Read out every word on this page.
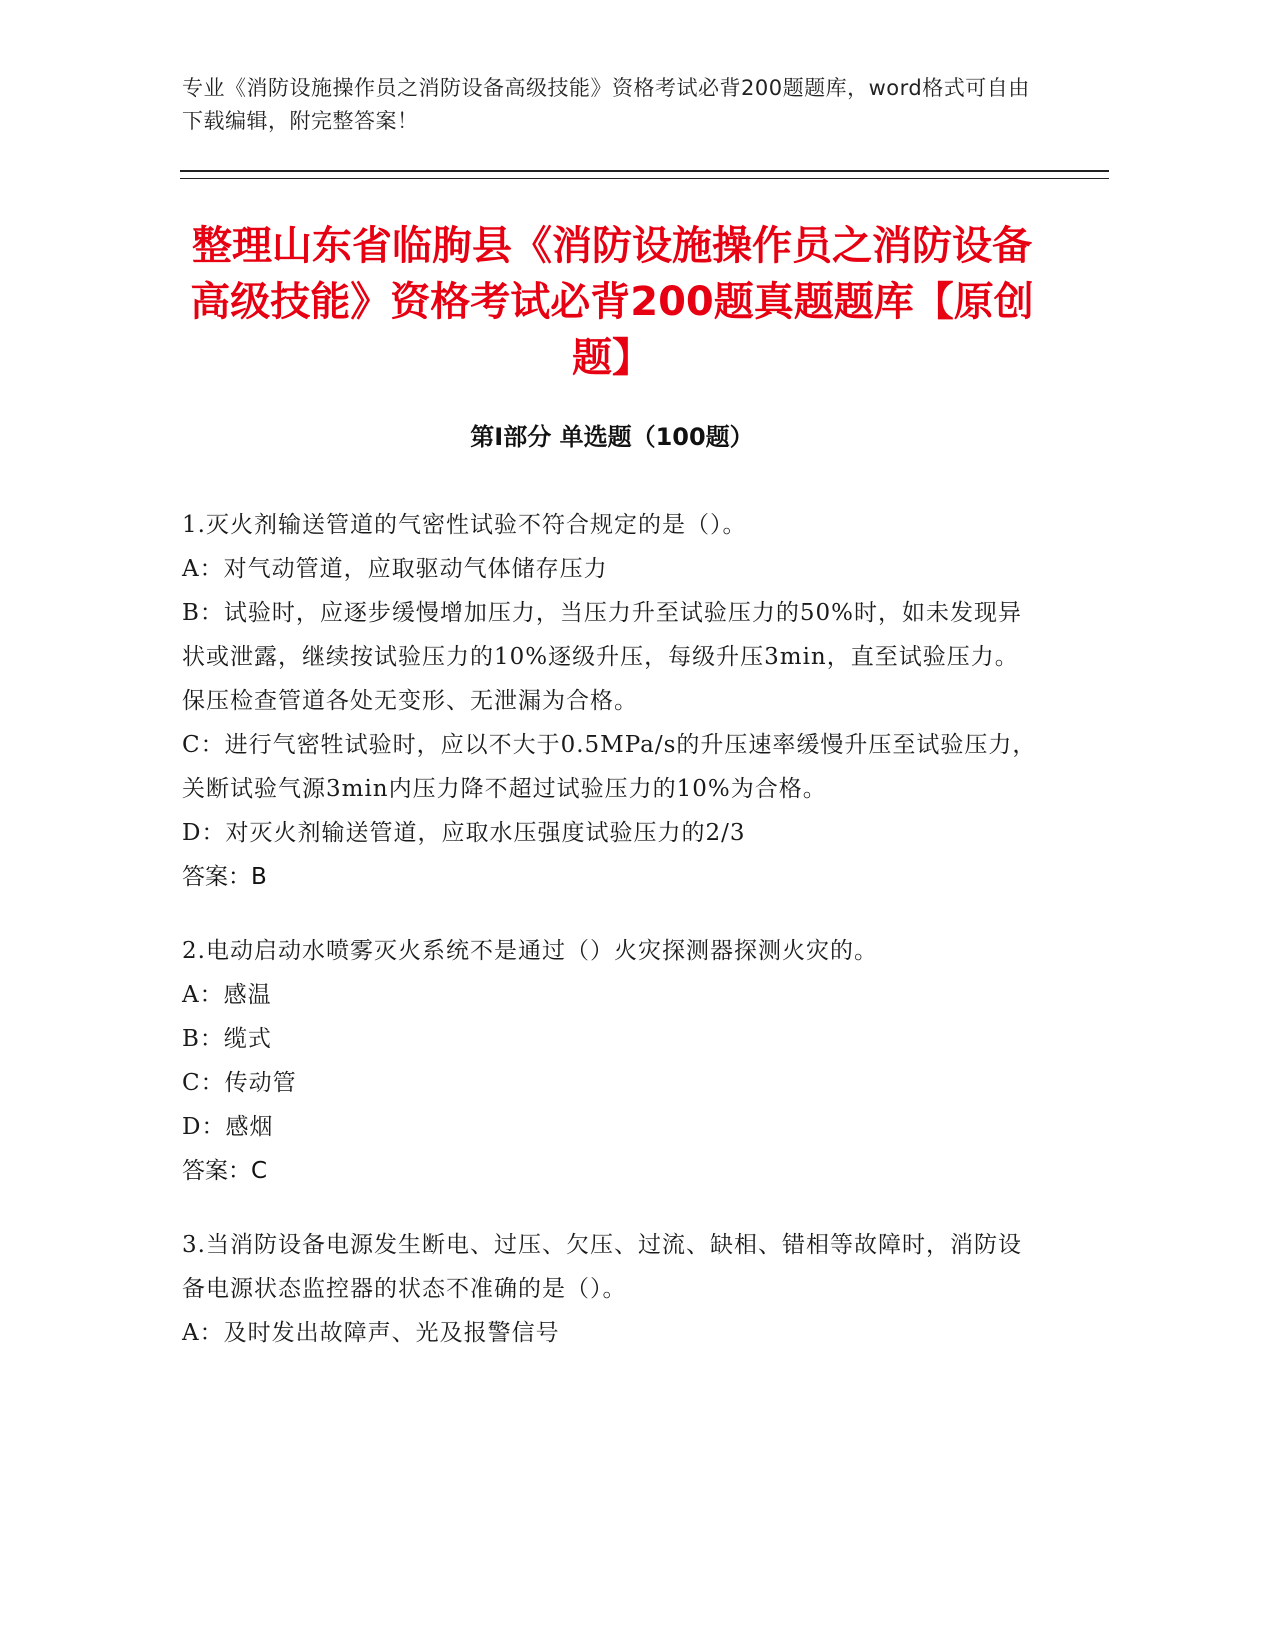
专业《消防设施操作员之消防设备高级技能》资格考试必背200题题库，word格式可自由下载编辑，附完整答案！
整理山东省临朐县《消防设施操作员之消防设备高级技能》资格考试必背200题真题题库【原创题】
第Ⅰ部分 单选题（100题）

1.灭火剂输送管道的气密性试验不符合规定的是（）。

A：对气动管道，应取驱动气体储存压力

B：试验时，应逐步缓慢增加压力，当压力升至试验压力的50%时，如未发现异状或泄露，继续按试验压力的10%逐级升压，每级升压3min，直至试验压力。保压检查管道各处无变形、无泄漏为合格。

C：进行气密牲试验时，应以不大于0.5MPa/s的升压速率缓慢升压至试验压力，关断试验气源3min内压力降不超过试验压力的10%为合格。

D：对灭火剂输送管道，应取水压强度试验压力的2/3

答案：B

2.电动启动水喷雾灭火系统不是通过（）火灾探测器探测火灾的。

A：感温

B：缆式

C：传动管

D：感烟

答案：C

3.当消防设备电源发生断电、过压、欠压、过流、缺相、错相等故障时，消防设备电源状态监控器的状态不准确的是（）。

A：及时发出故障声、光及报警信号
